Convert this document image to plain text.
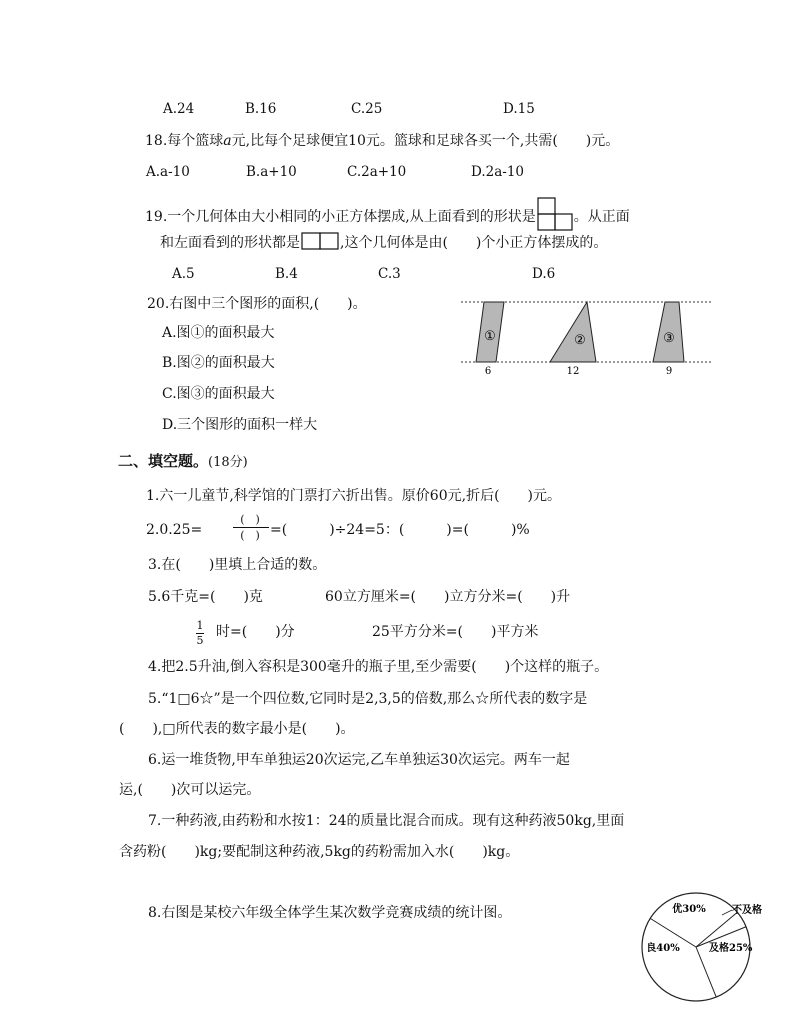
A.24	B.16	C.25	D.15
18.每个篮球a元,比每个足球便宜10元。篮球和足球各买一个,共需(　　)元。
A.a-10	B.a+10	C.2a+10	D.2a-10
19.一个几何体由大小相同的小正方体摆成,从上面看到的形状是	。从正面
和左面看到的形状都是	,这个几何体是由(　　)个小正方体摆成的。
A.5	B.4	C.3	D.6
20.右图中三个图形的面积,(　　)。
A.图①的面积最大
B.图②的面积最大
C.图③的面积最大
D.三个图形的面积一样大
①	②	③
6	12	9
二、填空题。(18分)
1.六一儿童节,科学馆的门票打六折出售。原价60元,折后(　　)元。
2.0.25=
(　)
(　) =(　　　)÷24=5：(　　　)=(　　　)%
3.在(　　)里填上合适的数。
5.6千克=(　　)克	60立方厘米=(　　)立方分米=(　　)升
1
5
时=(　　)分	25平方分米=(　　)平方米
4.把2.5升油,倒入容积是300毫升的瓶子里,至少需要(　　)个这样的瓶子。
5.“1□6☆”是一个四位数,它同时是2,3,5的倍数,那么☆所代表的数字是
(　　),□所代表的数字最小是(　　)。
6.运一堆货物,甲车单独运20次运完,乙车单独运30次运完。两车一起
运,(　　)次可以运完。
7.一种药液,由药粉和水按1：24的质量比混合而成。现有这种药液50kg,里面
含药粉(　　)kg;要配制这种药液,5kg的药粉需加入水(　　)kg。
8.右图是某校六年级全体学生某次数学竞赛成绩的统计图。	优30%	不及格
及格25%
良40%
